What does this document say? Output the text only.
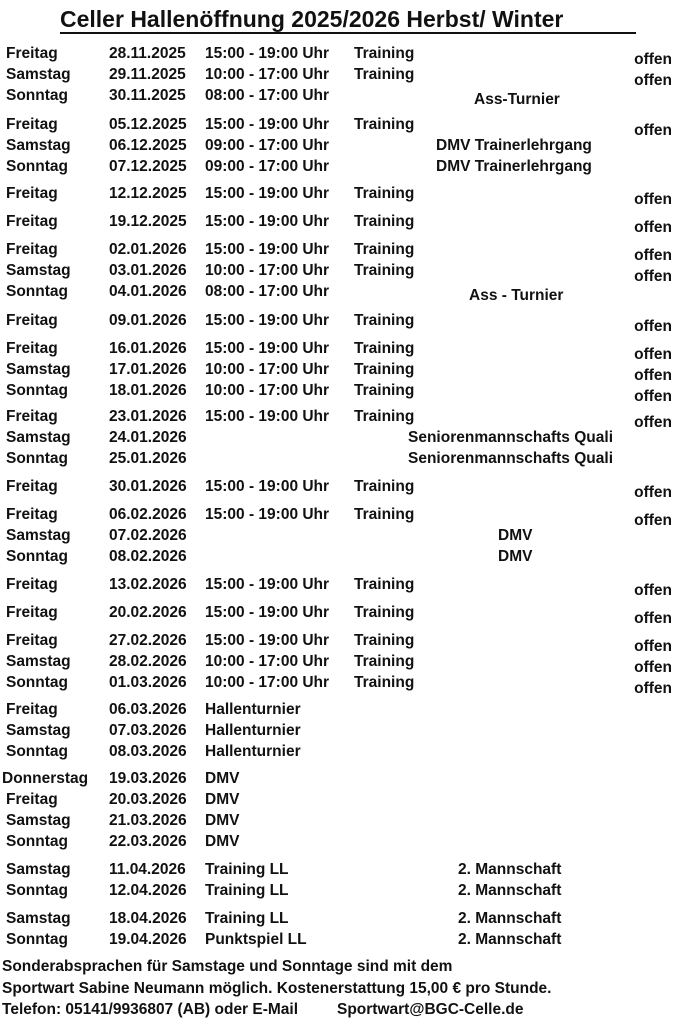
Celler Hallenöffnung 2025/2026 Herbst/ Winter
Freitag	28.11.2025 15:00 - 19:00 Uhr Training	offen
Samstag 29.11.2025 10:00 - 17:00 Uhr Training	offen
Sonntag	30.11.2025 08:00 - 17:00 Uhr	Ass-Turnier
Freitag	05.12.2025 15:00 - 19:00 Uhr Training	offen
Samstag 06.12.2025 09:00 - 17:00 Uhr	DMV Trainerlehrgang
Sonntag	07.12.2025 09:00 - 17:00 Uhr	DMV Trainerlehrgang
Freitag	12.12.2025 15:00 - 19:00 Uhr Training	offen
Freitag	19.12.2025 15:00 - 19:00 Uhr Training	offen
Freitag	02.01.2026 15:00 - 19:00 Uhr Training	offen
Samstag 03.01.2026 10:00 - 17:00 Uhr Training	offen
Sonntag	04.01.2026 08:00 - 17:00 Uhr	Ass - Turnier
Freitag	09.01.2026 15:00 - 19:00 Uhr Training	offen
Freitag	16.01.2026 15:00 - 19:00 Uhr Training	offen
Samstag 17.01.2026 10:00 - 17:00 Uhr Training	offen
Sonntag	18.01.2026 10:00 - 17:00 Uhr Training	offen
Freitag	23.01.2026 15:00 - 19:00 Uhr Training	offen
Samstag 24.01.2026	Seniorenmannschafts Quali
Sonntag	25.01.2026	Seniorenmannschafts Quali
Freitag	30.01.2026 15:00 - 19:00 Uhr Training	offen
Freitag	06.02.2026 15:00 - 19:00 Uhr Training	offen
Samstag 07.02.2026	DMV
Sonntag	08.02.2026	DMV
Freitag	13.02.2026 15:00 - 19:00 Uhr Training	offen
Freitag	20.02.2026 15:00 - 19:00 Uhr Training	offen
Freitag	27.02.2026 15:00 - 19:00 Uhr Training	offen
Samstag 28.02.2026 10:00 - 17:00 Uhr Training	offen
Sonntag	01.03.2026 10:00 - 17:00 Uhr Training	offen
Freitag	06.03.2026 Hallenturnier
Samstag 07.03.2026 Hallenturnier
Sonntag	08.03.2026 Hallenturnier
Donnerstag 19.03.2026 DMV
Freitag	20.03.2026 DMV
Samstag 21.03.2026 DMV
Sonntag	22.03.2026 DMV
Samstag 11.04.2026 Training LL	2. Mannschaft
Sonntag	12.04.2026 Training LL	2. Mannschaft
Samstag 18.04.2026 Training LL	2. Mannschaft
Sonntag	19.04.2026 Punktspiel LL	2. Mannschaft
Sonderabsprachen für Samstage und Sonntage sind mit dem
Sportwart Sabine Neumann möglich. Kostenerstattung 15,00 € pro Stunde.
Telefon: 05141/9936807 (AB) oder E-Mail	Sportwart@BGC-Celle.de
